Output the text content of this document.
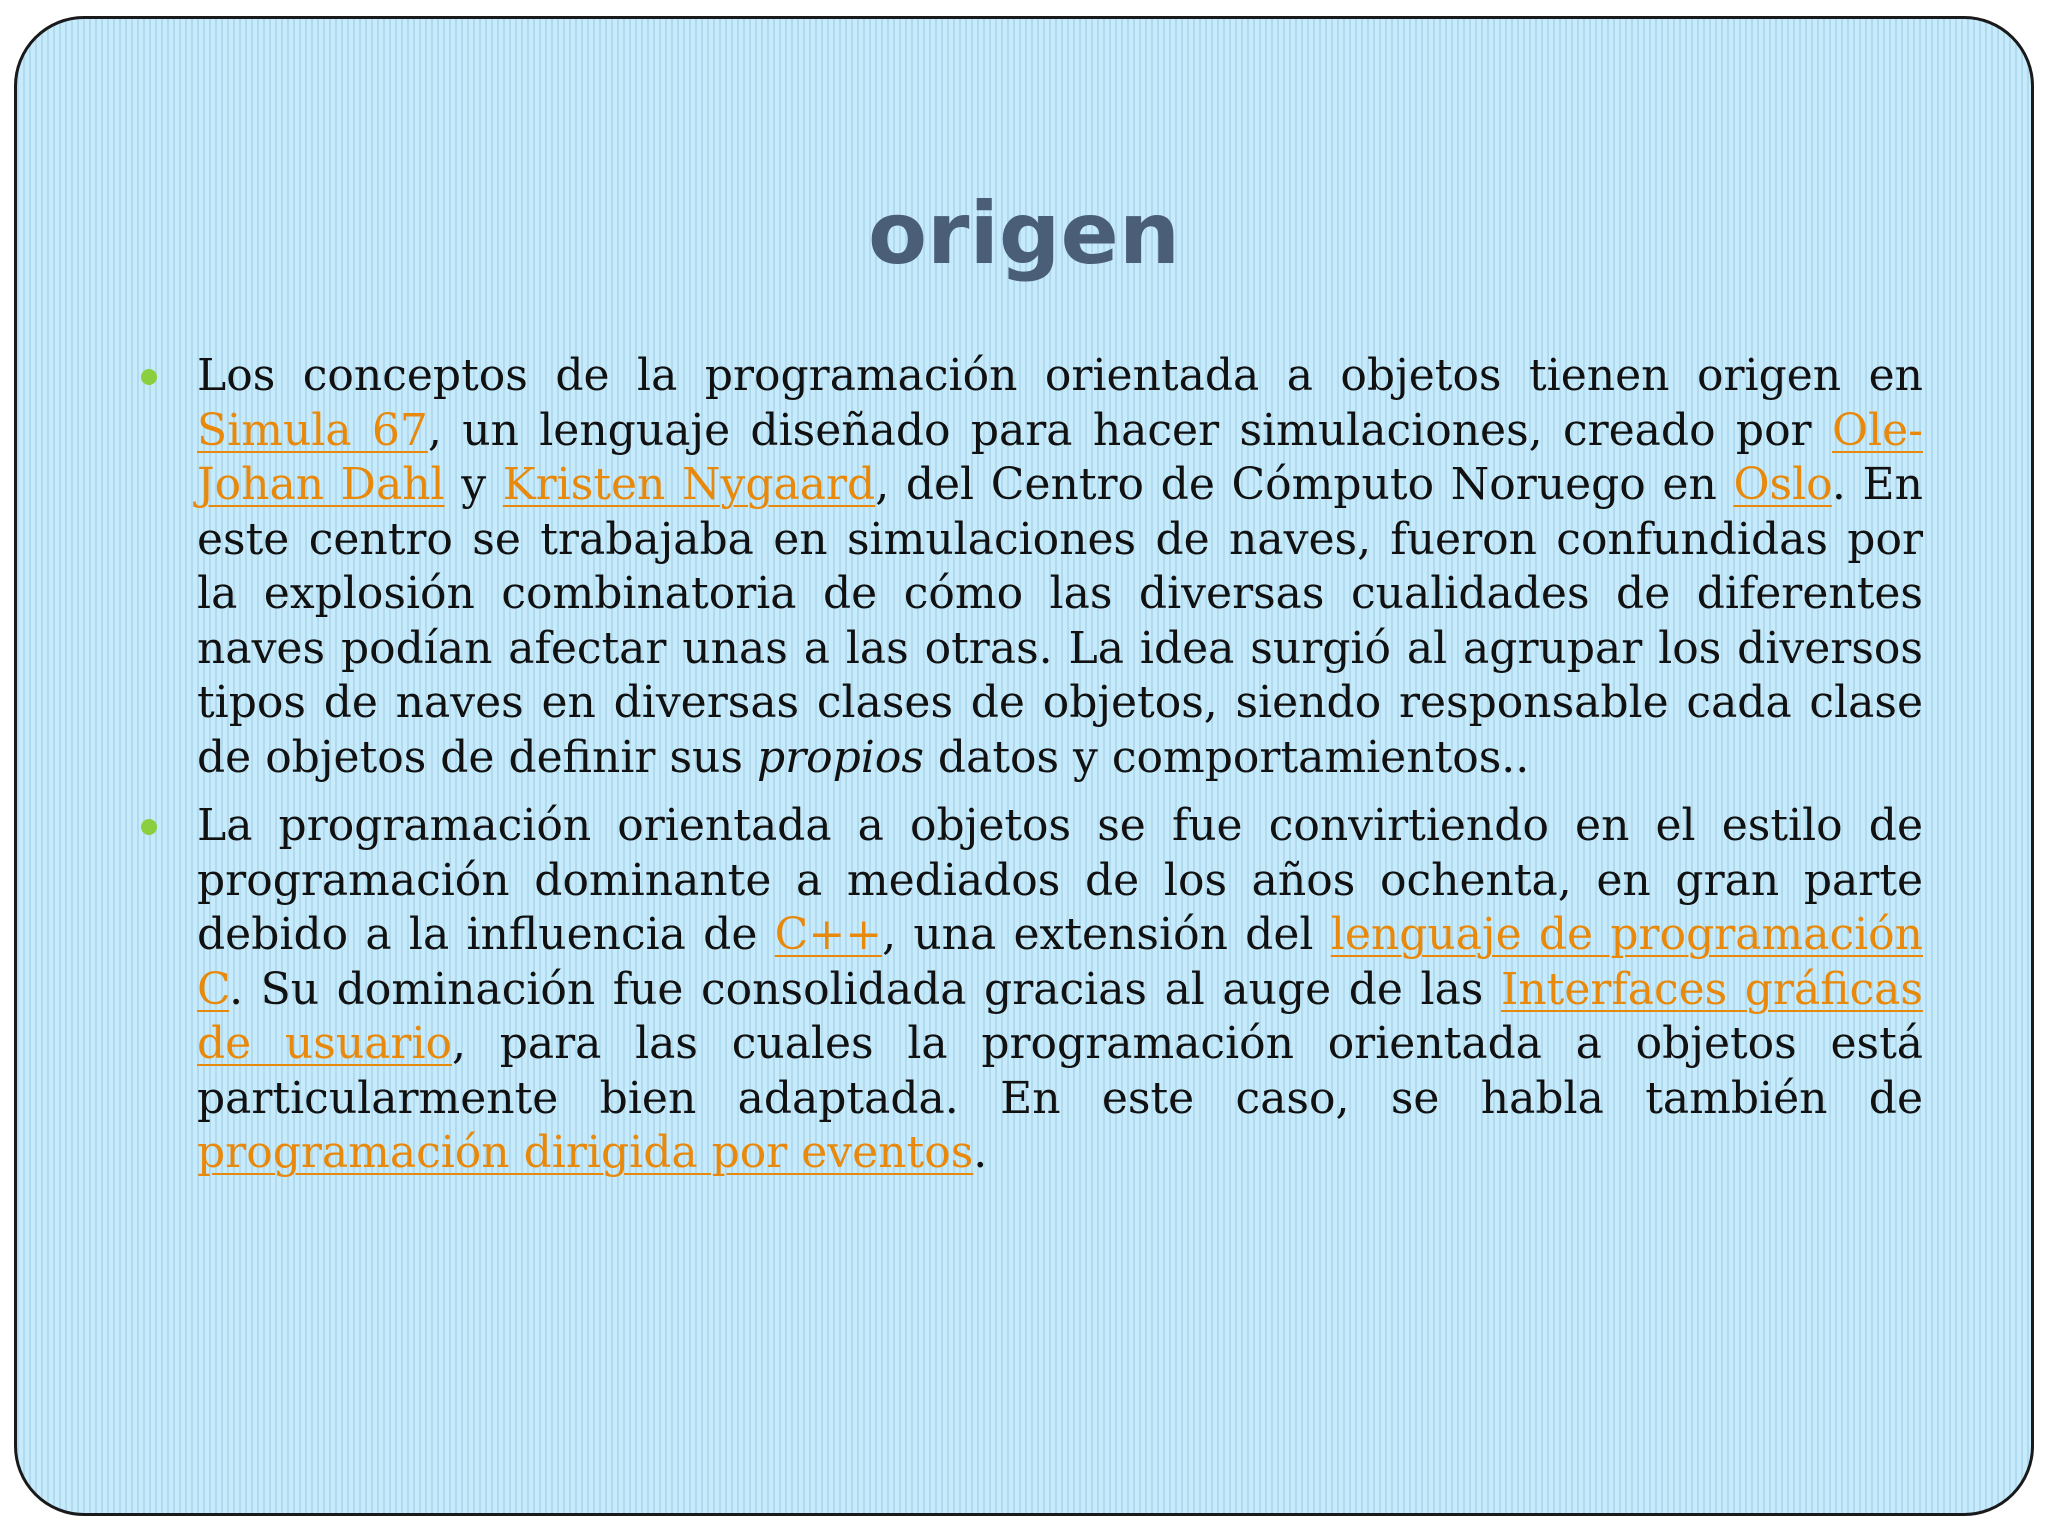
origen

Los conceptos de la programación orientada a objetos tienen origen en Simula 67, un lenguaje diseñado para hacer simulaciones, creado por Ole-Johan Dahl y Kristen Nygaard, del Centro de Cómputo Noruego en Oslo. En este centro se trabajaba en simulaciones de naves, fueron confundidas por la explosión combinatoria de cómo las diversas cualidades de diferentes naves podían afectar unas a las otras. La idea surgió al agrupar los diversos tipos de naves en diversas clases de objetos, siendo responsable cada clase de objetos de definir sus propios datos y comportamientos..

La programación orientada a objetos se fue convirtiendo en el estilo de programación dominante a mediados de los años ochenta, en gran parte debido a la influencia de C++, una extensión del lenguaje de programación C. Su dominación fue consolidada gracias al auge de las Interfaces gráficas de usuario, para las cuales la programación orientada a objetos está particularmente bien adaptada. En este caso, se habla también de programación dirigida por eventos.
